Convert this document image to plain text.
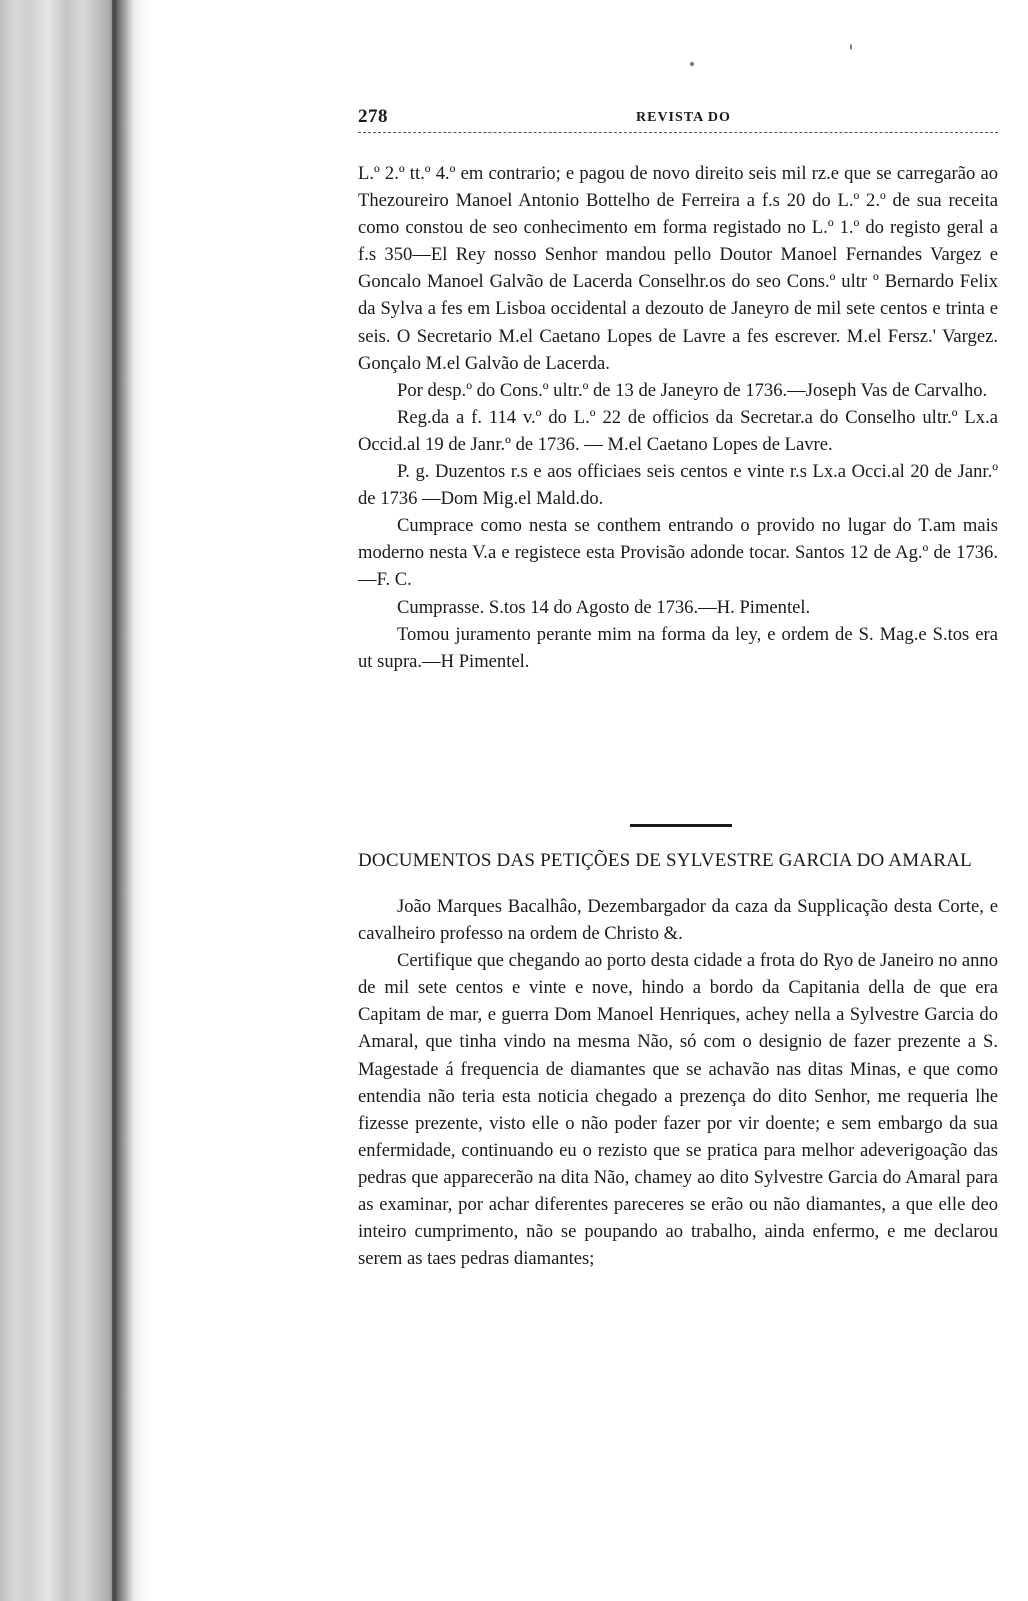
278	REVISTA DO

L.º 2.º tt.º 4.º em contrario; e pagou de novo direito seis mil rz.e que se carregarão ao Thezoureiro Manoel Antonio Bottelho de Ferreira a f.s 20 do L.º 2.º de sua receita como constou de seo conhecimento em forma registado no L.º 1.º do registo geral a f.s 350—El Rey nosso Senhor mandou pello Doutor Manoel Fernandes Vargez e Goncalo Manoel Galvão de Lacerda Conselhr.os do seo Cons.º ultr º Bernardo Felix da Sylva a fes em Lisboa occidental a dezouto de Janeyro de mil sete centos e trinta e seis. O Secretario M.el Caetano Lopes de Lavre a fes escrever. M.el Fersz.' Vargez. Gonçalo M.el Galvão de Lacerda.

Por desp.º do Cons.º ultr.º de 13 de Janeyro de 1736.—Joseph Vas de Carvalho.

Reg.da a f. 114 v.º do L.º 22 de officios da Secretar.a do Conselho ultr.º Lx.a Occid.al 19 de Janr.º de 1736. — M.el Caetano Lopes de Lavre.

P. g. Duzentos r.s e aos officiaes seis centos e vinte r.s Lx.a Occi.al 20 de Janr.º de 1736 —Dom Mig.el Mald.do.

Cumprace como nesta se conthem entrando o provido no lugar do T.am mais moderno nesta V.a e registece esta Provisão adonde tocar. Santos 12 de Ag.º de 1736.—F. C.

Cumprasse. S.tos 14 do Agosto de 1736.—H. Pimentel.

Tomou juramento perante mim na forma da ley, e ordem de S. Mag.e S.tos era ut supra.—H Pimentel.

DOCUMENTOS DAS PETIÇÕES DE SYLVESTRE GARCIA DO AMARAL

João Marques Bacalhâo, Dezembargador da caza da Supplicação desta Corte, e cavalheiro professo na ordem de Christo &.

Certifique que chegando ao porto desta cidade a frota do Ryo de Janeiro no anno de mil sete centos e vinte e nove, hindo a bordo da Capitania della de que era Capitam de mar, e guerra Dom Manoel Henriques, achey nella a Sylvestre Garcia do Amaral, que tinha vindo na mesma Não, só com o designio de fazer prezente a S. Magestade á frequencia de diamantes que se achavão nas ditas Minas, e que como entendia não teria esta noticia chegado a prezença do dito Senhor, me requeria lhe fizesse prezente, visto elle o não poder fazer por vir doente; e sem embargo da sua enfermidade, continuando eu o rezisto que se pratica para melhor adeverigoação das pedras que apparecerão na dita Não, chamey ao dito Sylvestre Garcia do Amaral para as examinar, por achar diferentes pareceres se erão ou não diamantes, a que elle deo inteiro cumprimento, não se poupando ao trabalho, ainda enfermo, e me declarou serem as taes pedras diamantes;
